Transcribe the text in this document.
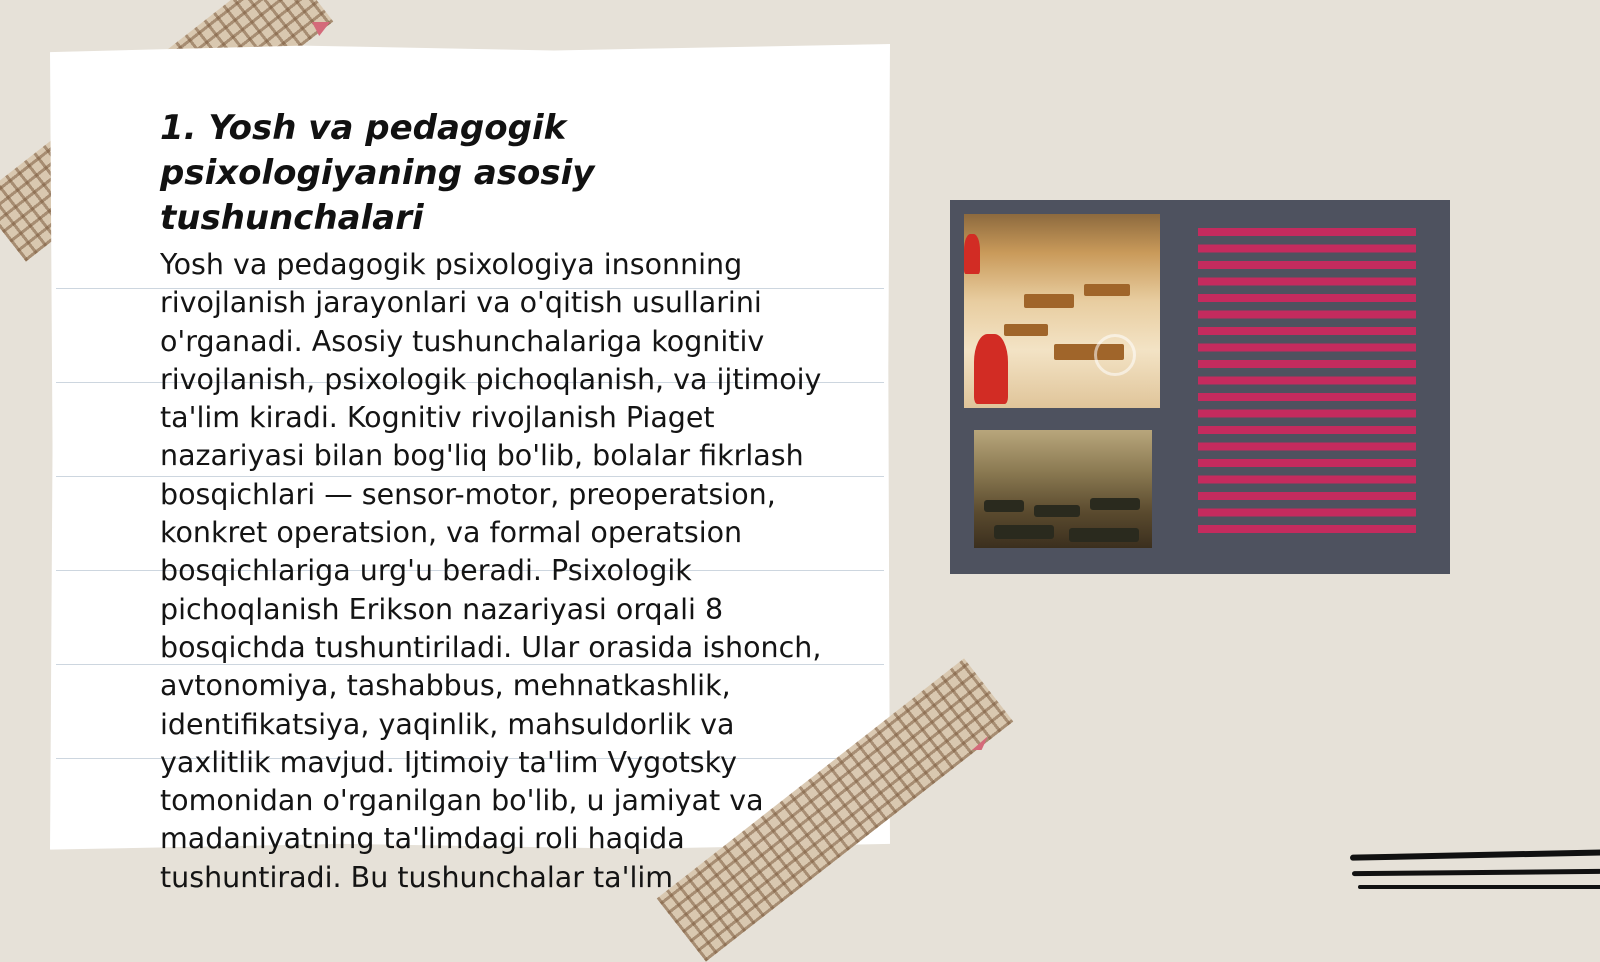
1. Yosh va pedagogik psixologiyaning asosiy tushunchalari

Yosh va pedagogik psixologiya insonning rivojlanish jarayonlari va o'qitish usullarini o'rganadi. Asosiy tushunchalariga kognitiv rivojlanish, psixologik pichoqlanish, va ijtimoiy ta'lim kiradi. Kognitiv rivojlanish Piaget nazariyasi bilan bog'liq bo'lib, bolalar fikrlash bosqichlari — sensor-motor, preoperatsion, konkret operatsion, va formal operatsion bosqichlariga urg'u beradi. Psixologik pichoqlanish Erikson nazariyasi orqali 8 bosqichda tushuntiriladi. Ular orasida ishonch, avtonomiya, tashabbus, mehnatkashlik, identifikatsiya, yaqinlik, mahsuldorlik va yaxlitlik mavjud. Ijtimoiy ta'lim Vygotsky tomonidan o'rganilgan bo'lib, u jamiyat va madaniyatning ta'limdagi roli haqida tushuntiradi. Bu tushunchalar ta'lim
